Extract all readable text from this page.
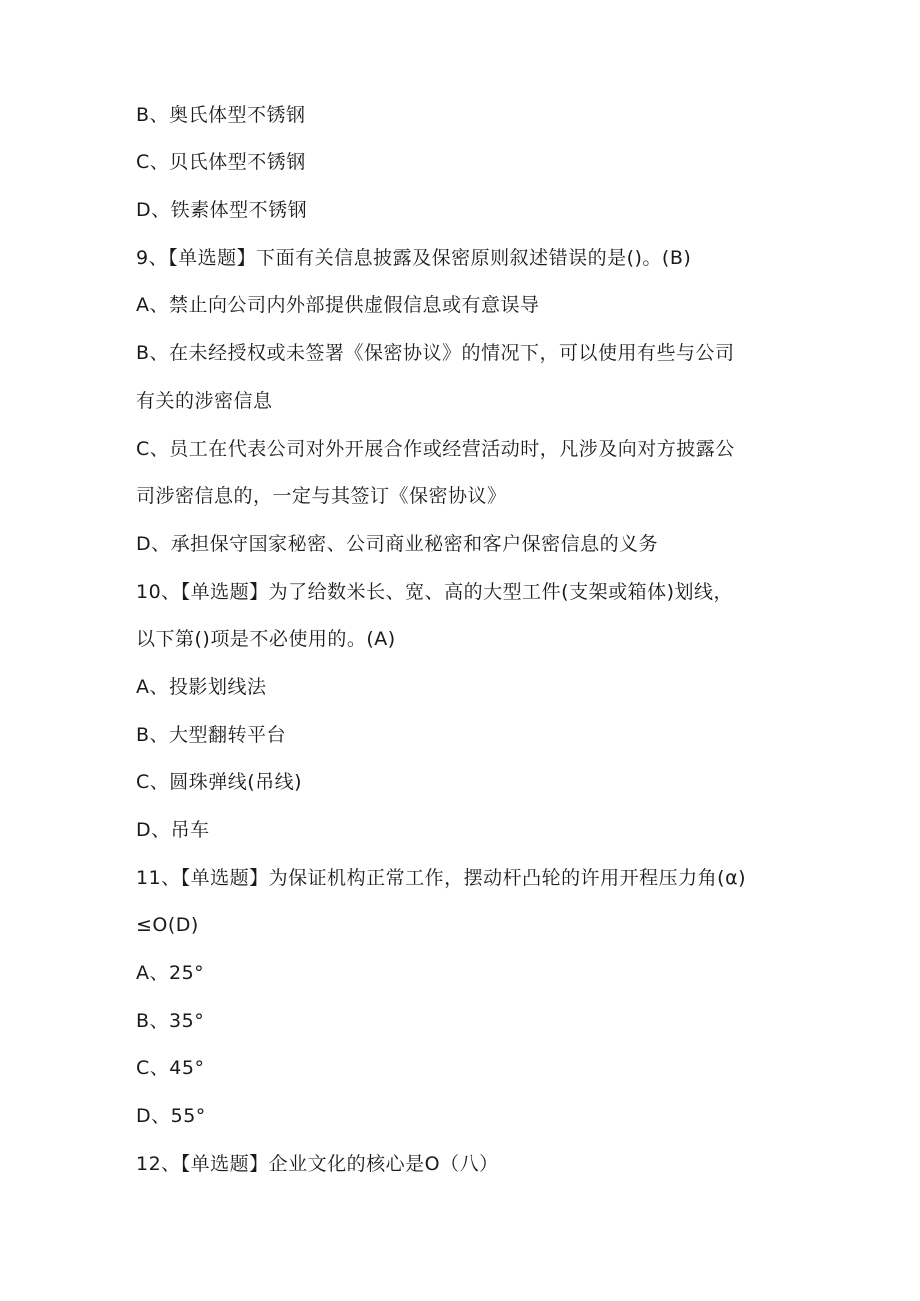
B、奥氏体型不锈钢
C、贝氏体型不锈钢
D、铁素体型不锈钢
9、【单选题】下面有关信息披露及保密原则叙述错误的是()。(B)
A、禁止向公司内外部提供虚假信息或有意误导
B、在未经授权或未签署《保密协议》的情况下，可以使用有些与公司
有关的涉密信息
C、员工在代表公司对外开展合作或经营活动时，凡涉及向对方披露公
司涉密信息的，一定与其签订《保密协议》
D、承担保守国家秘密、公司商业秘密和客户保密信息的义务
10、【单选题】为了给数米长、宽、高的大型工件(支架或箱体)划线，
以下第()项是不必使用的。(A)
A、投影划线法
B、大型翻转平台
C、圆珠弹线(吊线)
D、吊车
11、【单选题】为保证机构正常工作，摆动杆凸轮的许用开程压力角(α)
≤O(D)
A、25°
B、35°
C、45°
D、55°
12、【单选题】企业文化的核心是O（八）
